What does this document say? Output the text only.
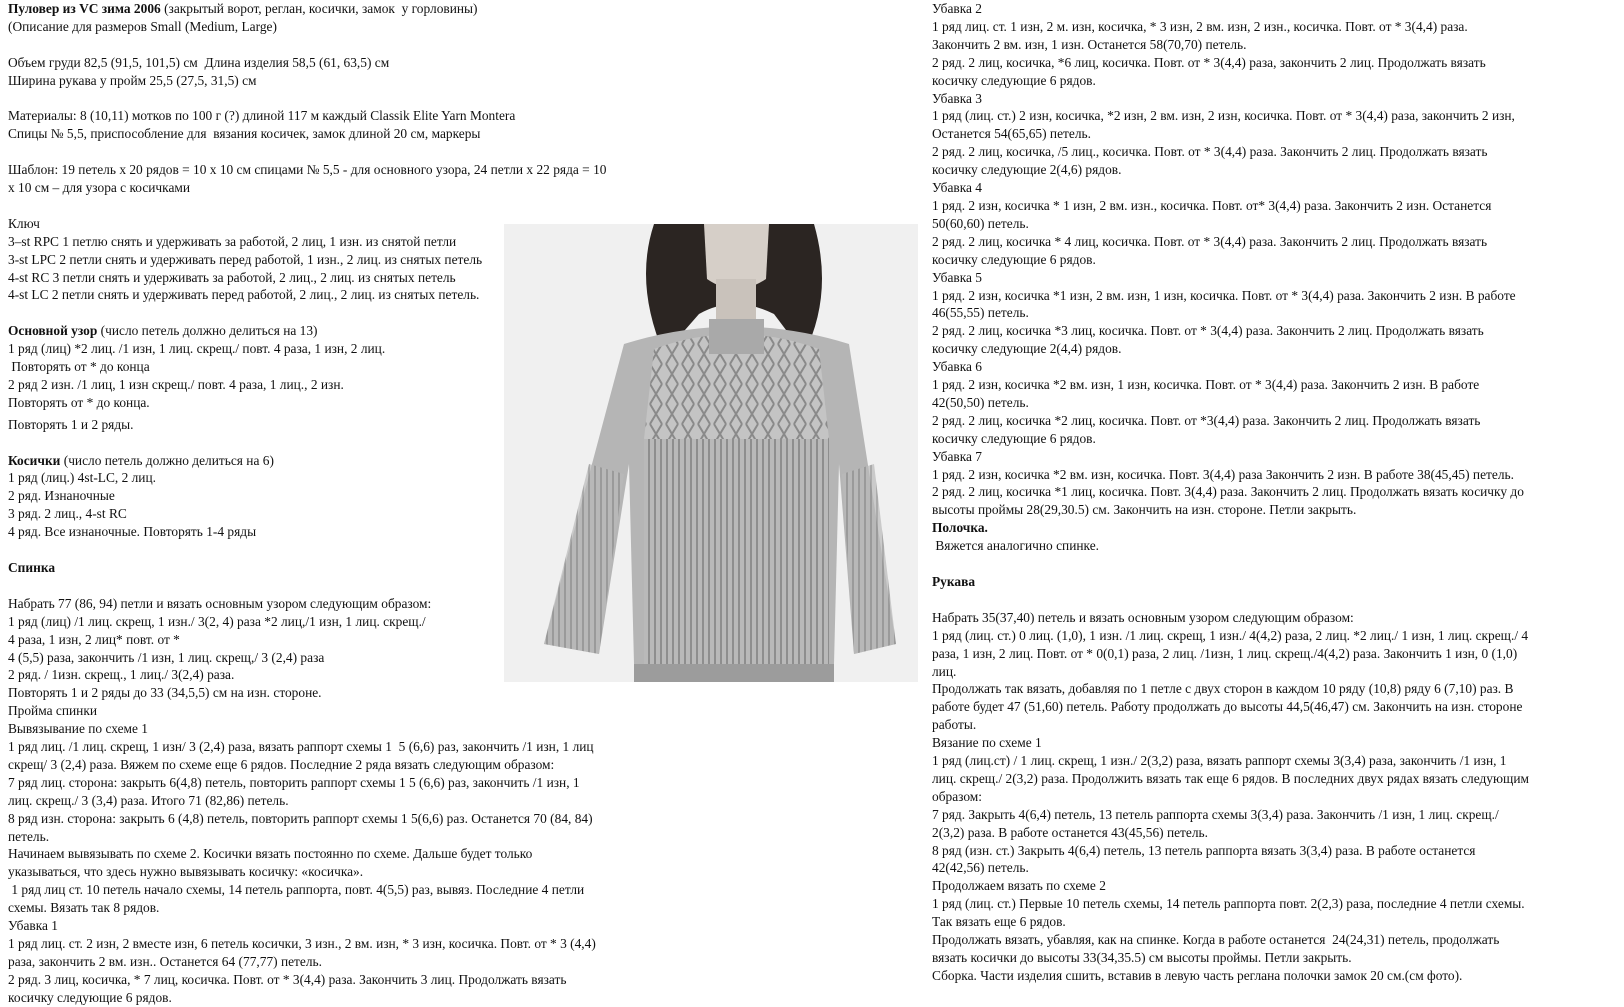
Пуловер из VC зима 2006 (закрытый ворот, реглан, косички, замок  у горловины)
(Описание для размеров Small (Medium, Large)
Объем груди 82,5 (91,5, 101,5) см  Длина изделия 58,5 (61, 63,5) см
Ширина рукава у пройм 25,5 (27,5, 31,5) см
Материалы: 8 (10,11) мотков по 100 г (?) длиной 117 м каждый Classik Elite Yarn Montera
Спицы № 5,5, приспособление для  вязания косичек, замок длиной 20 см, маркеры
Шаблон: 19 петель х 20 рядов = 10 х 10 см спицами № 5,5 - для основного узора, 24 петли х 22 ряда = 10
х 10 см – для узора с косичками
Ключ
3–st RPC 1 петлю снять и удерживать за работой, 2 лиц, 1 изн. из снятой петли
3-st LPC 2 петли снять и удерживать перед работой, 1 изн., 2 лиц. из снятых петель
4-st RC 3 петли снять и удерживать за работой, 2 лиц., 2 лиц. из снятых петель
4-st LC 2 петли снять и удерживать перед работой, 2 лиц., 2 лиц. из снятых петель.
Основной узор (число петель должно делиться на 13)
1 ряд (лиц) *2 лиц. /1 изн, 1 лиц. скрещ./ повт. 4 раза, 1 изн, 2 лиц.
Повторять от * до конца
2 ряд 2 изн. /1 лиц, 1 изн скрещ./ повт. 4 раза, 1 лиц., 2 изн.
Повторять от * до конца.
Повторять 1 и 2 ряды.
Косички (число петель должно делиться на 6)
1 ряд (лиц.) 4st-LC, 2 лиц.
2 ряд. Изнаночные
3 ряд. 2 лиц., 4-st RC
4 ряд. Все изнаночные. Повторять 1-4 ряды
Спинка
Набрать 77 (86, 94) петли и вязать основным узором следующим образом:
1 ряд (лиц) /1 лиц. скрещ, 1 изн./ 3(2, 4) раза *2 лиц,/1 изн, 1 лиц. скрещ./
4 раза, 1 изн, 2 лиц* повт. от *
4 (5,5) раза, закончить /1 изн, 1 лиц. скрещ,/ 3 (2,4) раза
2 ряд. / 1изн. скрещ., 1 лиц./ 3(2,4) раза.
Повторять 1 и 2 ряды до 33 (34,5,5) см на изн. стороне.
Пройма спинки
Вывязывание по схеме 1
1 ряд лиц. /1 лиц. скрещ, 1 изн/ 3 (2,4) раза, вязать раппорт схемы 1  5 (6,6) раз, закончить /1 изн, 1 лиц
скрещ/ 3 (2,4) раза. Вяжем по схеме еще 6 рядов. Последние 2 ряда вязать следующим образом:
7 ряд лиц. сторона: закрыть 6(4,8) петель, повторить раппорт схемы 1 5 (6,6) раз, закончить /1 изн, 1
лиц. скрещ./ 3 (3,4) раза. Итого 71 (82,86) петель.
8 ряд изн. сторона: закрыть 6 (4,8) петель, повторить раппорт схемы 1 5(6,6) раз. Останется 70 (84, 84)
петель.
Начинаем вывязывать по схеме 2. Косички вязать постоянно по схеме. Дальше будет только
указываться, что здесь нужно вывязывать косичку: «косичка».
1 ряд лиц ст. 10 петель начало схемы, 14 петель раппорта, повт. 4(5,5) раз, вывяз. Последние 4 петли
схемы. Вязать так 8 рядов.
Убавка 1
1 ряд лиц. ст. 2 изн, 2 вместе изн, 6 петель косички, 3 изн., 2 вм. изн, * 3 изн, косичка. Повт. от * 3 (4,4)
раза, закончить 2 вм. изн.. Останется 64 (77,77) петель.
2 ряд. 3 лиц, косичка, * 7 лиц, косичка. Повт. от * 3(4,4) раза. Закончить 3 лиц. Продолжать вязать
косичку следующие 6 рядов.
Убавка 2
1 ряд лиц. ст. 1 изн, 2 м. изн, косичка, * 3 изн, 2 вм. изн, 2 изн., косичка. Повт. от * 3(4,4) раза.
Закончить 2 вм. изн, 1 изн. Останется 58(70,70) петель.
2 ряд. 2 лиц, косичка, *6 лиц, косичка. Повт. от * 3(4,4) раза, закончить 2 лиц. Продолжать вязать
косичку следующие 6 рядов.
Убавка 3
1 ряд (лиц. ст.) 2 изн, косичка, *2 изн, 2 вм. изн, 2 изн, косичка. Повт. от * 3(4,4) раза, закончить 2 изн,
Останется 54(65,65) петель.
2 ряд. 2 лиц, косичка, /5 лиц., косичка. Повт. от * 3(4,4) раза. Закончить 2 лиц. Продолжать вязать
косичку следующие 2(4,6) рядов.
Убавка 4
1 ряд. 2 изн, косичка * 1 изн, 2 вм. изн., косичка. Повт. от* 3(4,4) раза. Закончить 2 изн. Останется
50(60,60) петель.
2 ряд. 2 лиц, косичка * 4 лиц, косичка. Повт. от * 3(4,4) раза. Закончить 2 лиц. Продолжать вязать
косичку следующие 6 рядов.
Убавка 5
1 ряд. 2 изн, косичка *1 изн, 2 вм. изн, 1 изн, косичка. Повт. от * 3(4,4) раза. Закончить 2 изн. В работе
46(55,55) петель.
2 ряд. 2 лиц, косичка *3 лиц, косичка. Повт. от * 3(4,4) раза. Закончить 2 лиц. Продолжать вязать
косичку следующие 2(4,4) рядов.
Убавка 6
1 ряд. 2 изн, косичка *2 вм. изн, 1 изн, косичка. Повт. от * 3(4,4) раза. Закончить 2 изн. В работе
42(50,50) петель.
2 ряд. 2 лиц, косичка *2 лиц, косичка. Повт. от *3(4,4) раза. Закончить 2 лиц. Продолжать вязать
косичку следующие 6 рядов.
Убавка 7
1 ряд. 2 изн, косичка *2 вм. изн, косичка. Повт. 3(4,4) раза Закончить 2 изн. В работе 38(45,45) петель.
2 ряд. 2 лиц, косичка *1 лиц, косичка. Повт. 3(4,4) раза. Закончить 2 лиц. Продолжать вязать косичку до
высоты проймы 28(29,30.5) см. Закончить на изн. стороне. Петли закрыть.
Полочка.
Вяжется аналогично спинке.
Рукава
Набрать 35(37,40) петель и вязать основным узором следующим образом:
1 ряд (лиц. ст.) 0 лиц. (1,0), 1 изн. /1 лиц. скрещ, 1 изн./ 4(4,2) раза, 2 лиц. *2 лиц./ 1 изн, 1 лиц. скрещ./ 4
раза, 1 изн, 2 лиц. Повт. от * 0(0,1) раза, 2 лиц. /1изн, 1 лиц. скрещ./4(4,2) раза. Закончить 1 изн, 0 (1,0)
лиц.
Продолжать так вязать, добавляя по 1 петле с двух сторон в каждом 10 ряду (10,8) ряду 6 (7,10) раз. В
работе будет 47 (51,60) петель. Работу продолжать до высоты 44,5(46,47) см. Закончить на изн. стороне
работы.
Вязание по схеме 1
1 ряд (лиц.ст) / 1 лиц. скрещ, 1 изн./ 2(3,2) раза, вязать раппорт схемы 3(3,4) раза, закончить /1 изн, 1
лиц. скрещ./ 2(3,2) раза. Продолжить вязать так еще 6 рядов. В последних двух рядах вязать следующим
образом:
7 ряд. Закрыть 4(6,4) петель, 13 петель раппорта схемы 3(3,4) раза. Закончить /1 изн, 1 лиц. скрещ./
2(3,2) раза. В работе останется 43(45,56) петель.
8 ряд (изн. ст.) Закрыть 4(6,4) петель, 13 петель раппорта вязать 3(3,4) раза. В работе останется
42(42,56) петель.
Продолжаем вязать по схеме 2
1 ряд (лиц. ст.) Первые 10 петель схемы, 14 петель раппорта повт. 2(2,3) раза, последние 4 петли схемы.
Так вязать еще 6 рядов.
Продолжать вязать, убавляя, как на спинке. Когда в работе останется  24(24,31) петель, продолжать
вязать косички до высоты 33(34,35.5) см высоты проймы. Петли закрыть.
Сборка. Части изделия сшить, вставив в левую часть реглана полочки замок 20 см.(см фото).
